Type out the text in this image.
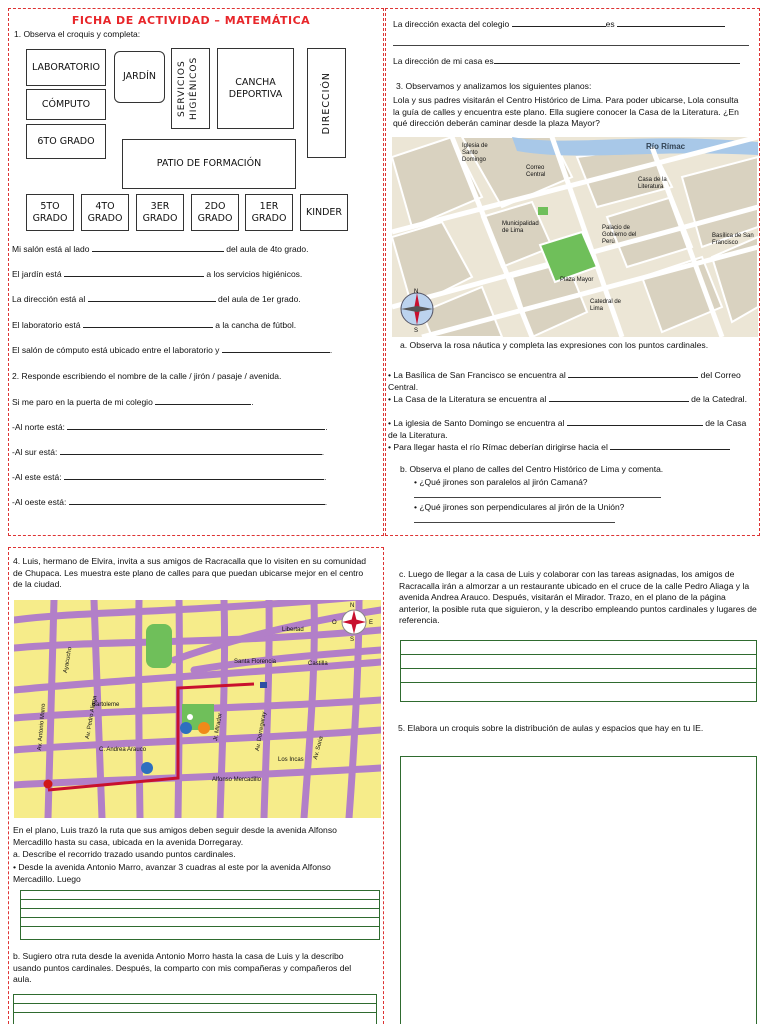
FICHA DE ACTIVIDAD – MATEMÁTICA
1. Observa el croquis y completa:
LABORATORIO
JARDÍN SERVICIOS HIGIÉNICOS	CANCHA DEPORTIVA	DIRECCIÓN
CÓMPUTO
6TO GRADO
PATIO DE FORMACIÓN
5TO GRADO
4TO GRADO
3ER GRADO
2DO GRADO
1ER GRADO
KINDER
Mi salón está al lado	del aula de 4to grado.
El jardín está	a los servicios higiénicos.
La dirección está al	del aula de 1er grado.
El laboratorio está	a la cancha de fútbol.
El salón de cómputo está ubicado entre el laboratorio y	.
2. Responde escribiendo el nombre de la calle / jirón / pasaje / avenida.
Si me paro en la puerta de mi colegio	.
-Al norte está:	.
-Al sur está:	.
-Al este está:	.
-Al oeste está:	.
La dirección exacta del colegio	es
La dirección de mi casa es
3. Observamos y analizamos los siguientes planos:
Lola y sus padres visitarán el Centro Histórico de Lima. Para poder ubicarse, Lola consulta la guía de calles y encuentra este plano. Ella sugiere conocer la Casa de la Literatura. ¿En qué dirección deberán caminar desde la plaza Mayor?
N
S
Río Rímac
Iglesia de Santo Domingo
Correo Central
Casa de la Literatura
Municipalidad de Lima	Palacio de Gobierno del Perú
Basílica de San Francisco
Plaza Mayor
Catedral de Lima
a. Observa la rosa náutica y completa las expresiones con los puntos cardinales.
• La Basílica de San Francisco se encuentra al	del Correo Central.
• La Casa de la Literatura se encuentra al	de la Catedral.
• La iglesia de Santo Domingo se encuentra al	de la Casa de la Literatura.
• Para llegar hasta el río Rímac deberían dirigirse hacia el
b. Observa el plano de calles del Centro Histórico de Lima y comenta.
• ¿Qué jirones son paralelos al jirón Camaná?
• ¿Qué jirones son perpendiculares al jirón de la Unión?
4. Luis, hermano de Elvira, invita a sus amigos de Racracalla que lo visiten en su comunidad de Chupaca. Les muestra este plano de calles para que puedan ubicarse mejor en el centro de la ciudad.
N
S
E
O
Libertad
Santa Florencia	Castilla
Bartoleme
C. Andrea Arauco
Alfonso Mercadillo
Los Incas
Av. Antonio Marro	Av. Pedro Aliaga	Av. Dorregaray
Jr. Mirador
Ayacucho
Av. Soria
En el plano, Luis trazó la ruta que sus amigos deben seguir desde la avenida Alfonso Mercadillo hasta su casa, ubicada en la avenida Dorregaray.
a. Describe el recorrido trazado usando puntos cardinales.
• Desde la avenida Antonio Marro, avanzar 3 cuadras al este por la avenida Alfonso Mercadillo. Luego
b. Sugiero otra ruta desde la avenida Antonio Morro hasta la casa de Luis y la describo usando puntos cardinales. Después, la comparto con mis compañeras y compañeros del aula.
c. Luego de llegar a la casa de Luis y colaborar con las tareas asignadas, los amigos de Racracalla irán a almorzar a un restaurante ubicado en el cruce de la calle Pedro Aliaga y la avenida Andrea Arauco. Después, visitarán el Mirador. Trazo, en el plano de la página anterior, la posible ruta que siguieron, y la describo empleando puntos cardinales y lugares de referencia.
5. Elabora un croquis sobre la distribución de aulas y espacios que hay en tu IE.
